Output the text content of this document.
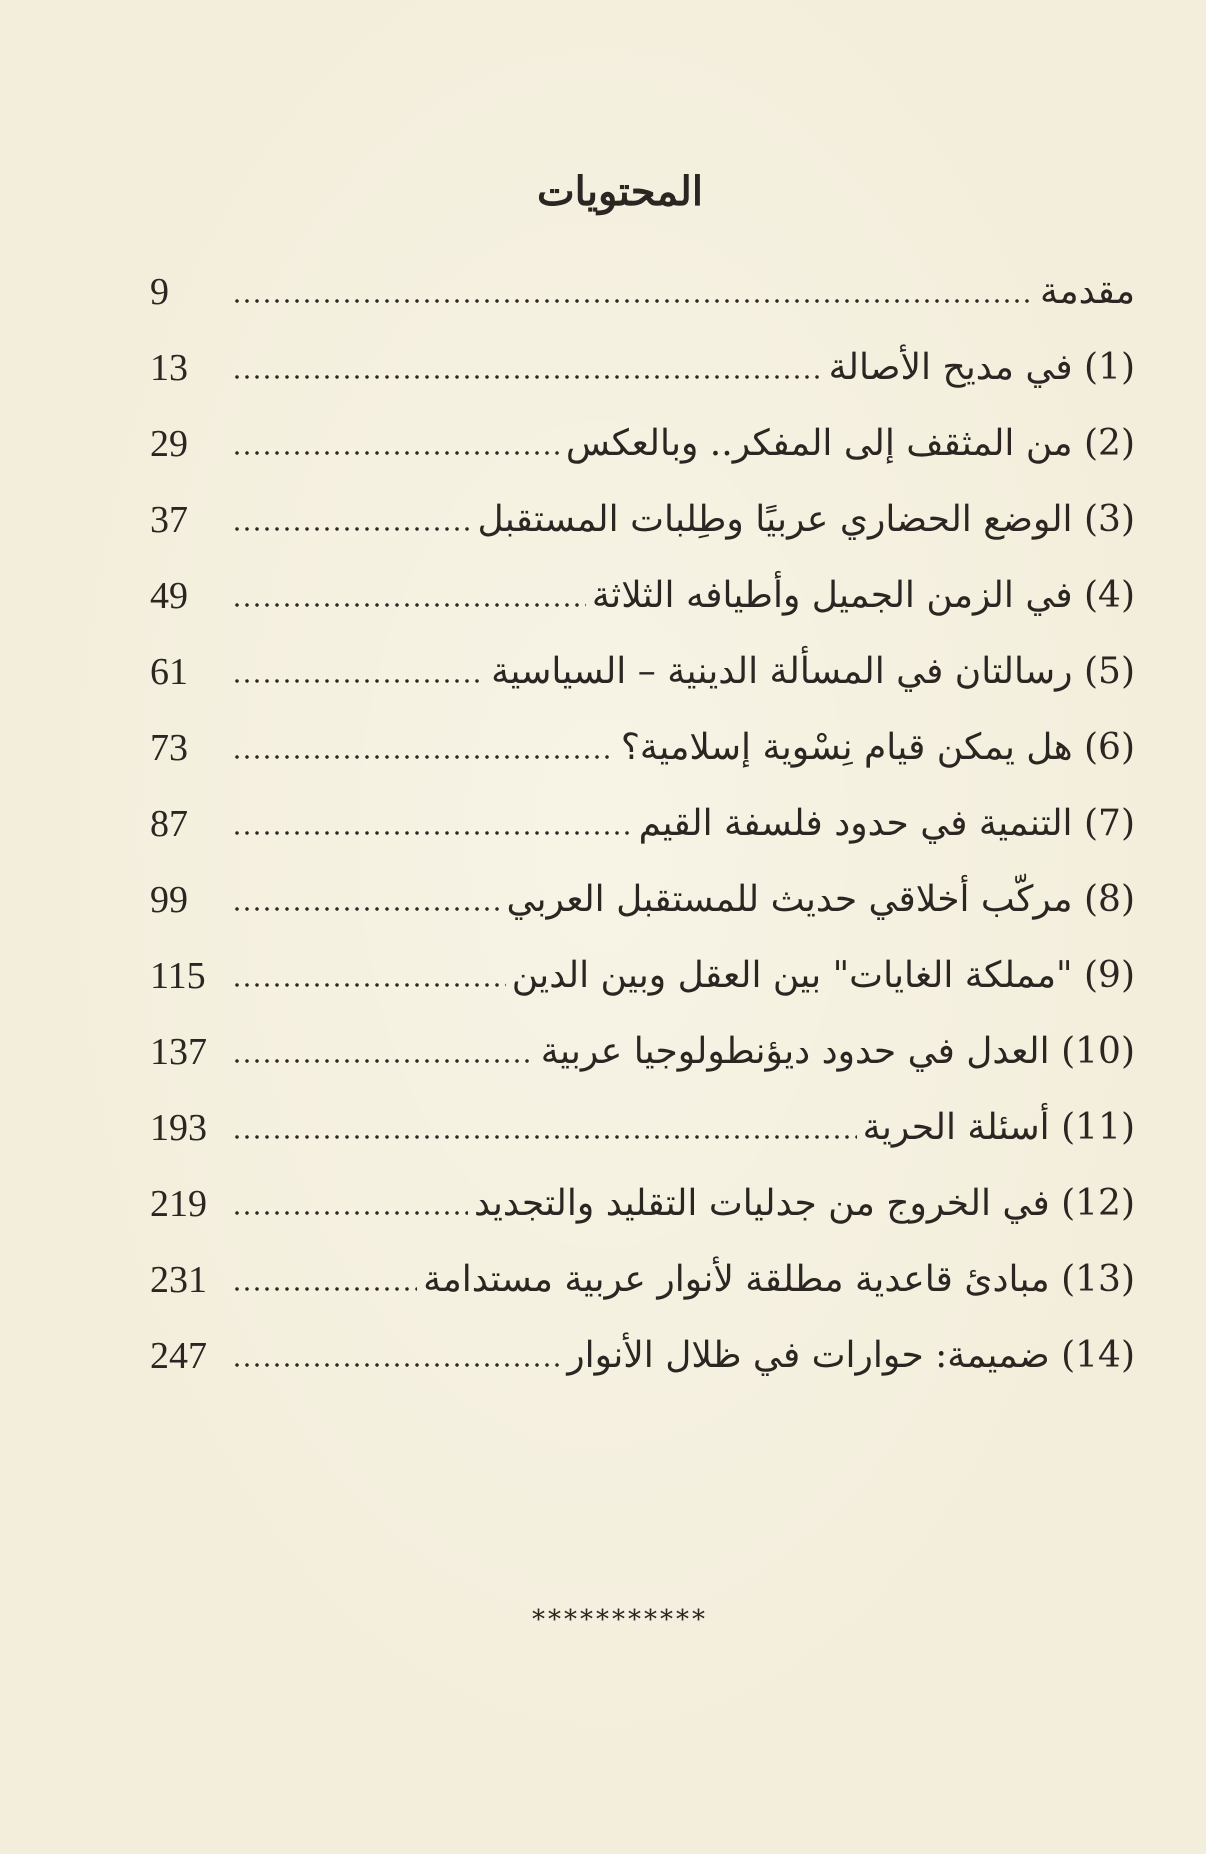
المحتويات
مقدمة
9
(1) في مديح الأصالة
13
(2) من المثقف إلى المفكر.. وبالعكس
29
(3) الوضع الحضاري عربيًا وطِلبات المستقبل
37
(4) في الزمن الجميل وأطيافه الثلاثة
49
(5) رسالتان في المسألة الدينية – السياسية
61
(6) هل يمكن قيام نِسْوية إسلامية؟
73
(7) التنمية في حدود فلسفة القيم
87
(8) مركّب أخلاقي حديث للمستقبل العربي
99
(9) "مملكة الغايات" بين العقل وبين الدين
115
(10) العدل في حدود ديؤنطولوجيا عربية
137
(11) أسئلة الحرية
193
(12) في الخروج من جدليات التقليد والتجديد
219
(13) مبادئ قاعدية مطلقة لأنوار عربية مستدامة
231
(14) ضميمة: حوارات في ظلال الأنوار
247
***********
